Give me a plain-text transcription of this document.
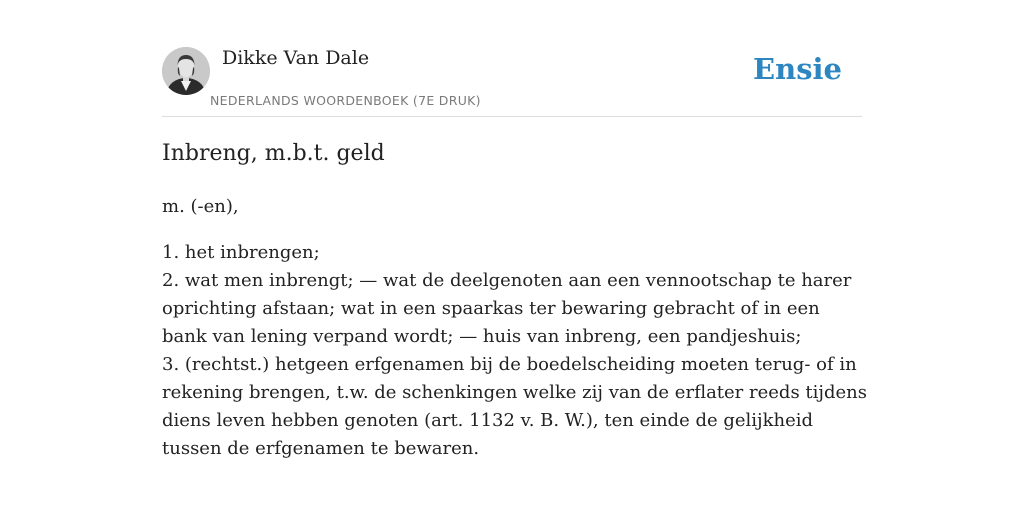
Dikke Van Dale
NEDERLANDS WOORDENBOEK (7E DRUK)
Ensie
Inbreng, m.b.t. geld

m. (-en),

1. het inbrengen;
2. wat men inbrengt; — wat de deelgenoten aan een vennootschap te harer oprichting afstaan; wat in een spaarkas ter bewaring gebracht of in een bank van lening verpand wordt; — huis van inbreng, een pandjeshuis;
3. (rechtst.) hetgeen erfgenamen bij de boedelscheiding moeten terug- of in rekening brengen, t.w. de schenkingen welke zij van de erflater reeds tijdens diens leven hebben genoten (art. 1132 v. B. W.), ten einde de gelijkheid tussen de erfgenamen te bewaren.
